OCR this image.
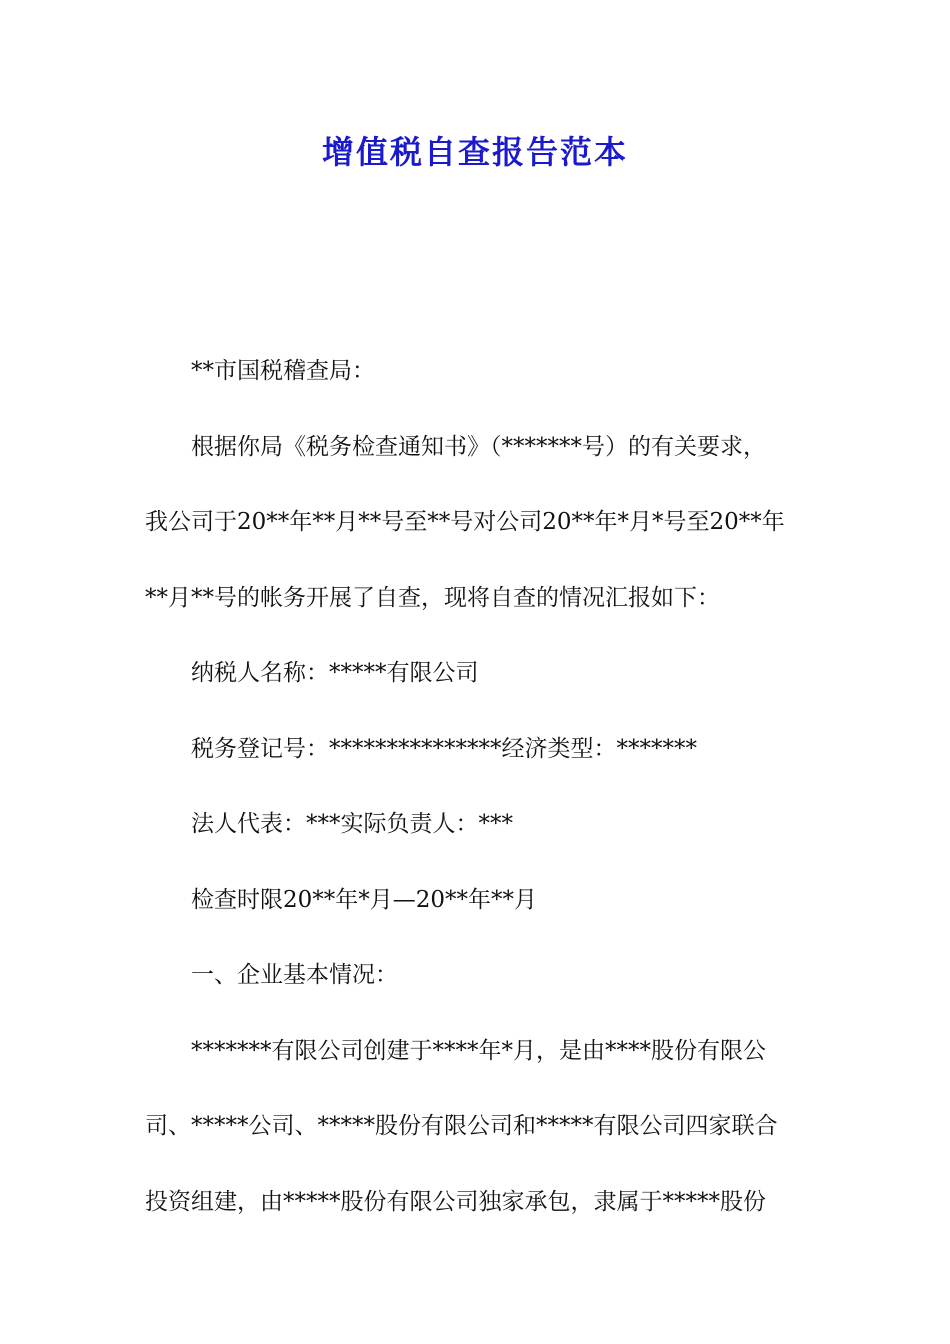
增值税自查报告范本
**市国税稽查局：
根据你局《税务检查通知书》（*******号）的有关要求，
我公司于20**年**月**号至**号对公司20**年*月*号至20**年
**月**号的帐务开展了自查，现将自查的情况汇报如下：
纳税人名称：*****有限公司
税务登记号：***************经济类型：*******
法人代表：***实际负责人：***
检查时限20**年*月—20**年**月
一、企业基本情况：
*******有限公司创建于****年*月，是由****股份有限公
司、*****公司、*****股份有限公司和*****有限公司四家联合
投资组建，由*****股份有限公司独家承包，隶属于*****股份
